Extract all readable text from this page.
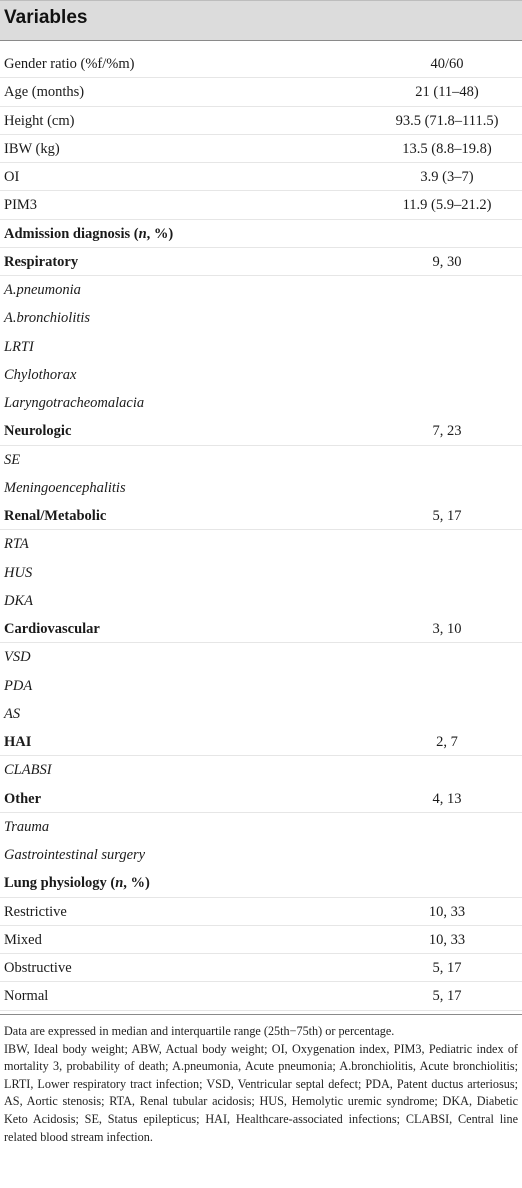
Variables
Gender ratio (%f/%m)	40/60
Age (months)	21 (11–48)
Height (cm)	93.5 (71.8–111.5)
IBW (kg)	13.5 (8.8–19.8)
OI	3.9 (3–7)
PIM3	11.9 (5.9–21.2)
Admission diagnosis (n, %)
Respiratory	9, 30
A.pneumonia
A.bronchiolitis
LRTI
Chylothorax
Laryngotracheomalacia
Neurologic	7, 23
SE
Meningoencephalitis
Renal/Metabolic	5, 17
RTA
HUS
DKA
Cardiovascular	3, 10
VSD
PDA
AS
HAI	2, 7
CLABSI
Other	4, 13
Trauma
Gastrointestinal surgery
Lung physiology (n, %)
Restrictive	10, 33
Mixed	10, 33
Obstructive	5, 17
Normal	5, 17

Data are expressed in median and interquartile range (25th−75th) or percentage.

IBW, Ideal body weight; ABW, Actual body weight; OI, Oxygenation index, PIM3, Pediatric index of mortality 3, probability of death; A.pneumonia, Acute pneumonia; A.bronchiolitis, Acute bronchiolitis; LRTI, Lower respiratory tract infection; VSD, Ventricular septal defect; PDA, Patent ductus arteriosus; AS, Aortic stenosis; RTA, Renal tubular acidosis; HUS, Hemolytic uremic syndrome; DKA, Diabetic Keto Acidosis; SE, Status epilepticus; HAI, Healthcare-associated infections; CLABSI, Central line related blood stream infection.
